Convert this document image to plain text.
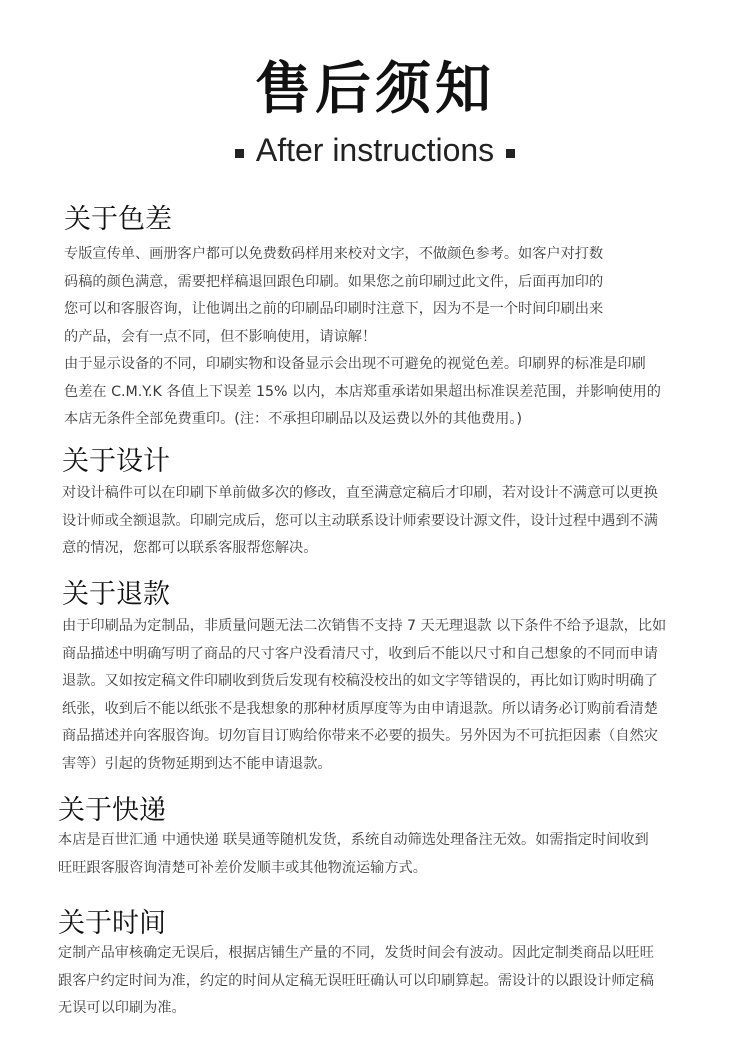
售后须知
After instructions
关于色差
专版宣传单、画册客户都可以免费数码样用来校对文字，不做颜色参考。如客户对打数
码稿的颜色满意，需要把样稿退回跟色印刷。如果您之前印刷过此文件，后面再加印的
您可以和客服咨询，让他调出之前的印刷品印刷时注意下，因为不是一个时间印刷出来
的产品，会有一点不同，但不影响使用，请谅解！
由于显示设备的不同，印刷实物和设备显示会出现不可避免的视觉色差。印刷界的标准是印刷
色差在 C.M.Y.K 各值上下误差 15% 以内，本店郑重承诺如果超出标准误差范围，并影响使用的
本店无条件全部免费重印。(注：不承担印刷品以及运费以外的其他费用。)
关于设计
对设计稿件可以在印刷下单前做多次的修改，直至满意定稿后才印刷，若对设计不满意可以更换
设计师或全额退款。印刷完成后，您可以主动联系设计师索要设计源文件，设计过程中遇到不满
意的情况，您都可以联系客服帮您解决。
关于退款
由于印刷品为定制品，非质量问题无法二次销售不支持 7 天无理退款 以下条件不给予退款，比如
商品描述中明确写明了商品的尺寸客户没看清尺寸，收到后不能以尺寸和自己想象的不同而申请
退款。又如按定稿文件印刷收到货后发现有校稿没校出的如文字等错误的，再比如订购时明确了
纸张，收到后不能以纸张不是我想象的那种材质厚度等为由申请退款。所以请务必订购前看清楚
商品描述并向客服咨询。切勿盲目订购给你带来不必要的损失。另外因为不可抗拒因素（自然灾
害等）引起的货物延期到达不能申请退款。
关于快递
本店是百世汇通 中通快递 联昊通等随机发货，系统自动筛选处理备注无效。如需指定时间收到
旺旺跟客服咨询清楚可补差价发顺丰或其他物流运输方式。
关于时间
定制产品审核确定无误后，根据店铺生产量的不同，发货时间会有波动。因此定制类商品以旺旺
跟客户约定时间为准，约定的时间从定稿无误旺旺确认可以印刷算起。需设计的以跟设计师定稿
无误可以印刷为准。
